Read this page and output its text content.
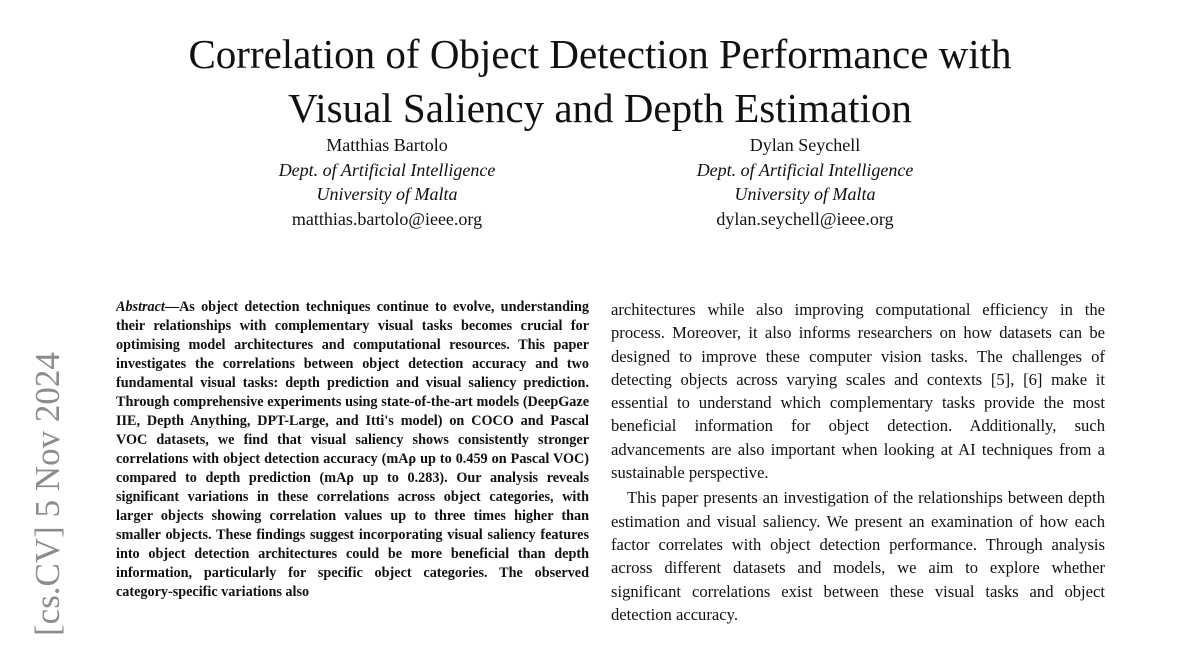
Correlation of Object Detection Performance with
Visual Saliency and Depth Estimation
Matthias Bartolo
Dept. of Artificial Intelligence
University of Malta
matthias.bartolo@ieee.org
Dylan Seychell
Dept. of Artificial Intelligence
University of Malta
dylan.seychell@ieee.org
[cs.CV] 5 Nov 2024
Abstract—As object detection techniques continue to evolve, understanding their relationships with complementary visual tasks becomes crucial for optimising model architectures and computational resources. This paper investigates the correlations between object detection accuracy and two fundamental visual tasks: depth prediction and visual saliency prediction. Through comprehensive experiments using state-of-the-art models (DeepGaze IIE, Depth Anything, DPT-Large, and Itti's model) on COCO and Pascal VOC datasets, we find that visual saliency shows consistently stronger correlations with object detection accuracy (mAρ up to 0.459 on Pascal VOC) compared to depth prediction (mAρ up to 0.283). Our analysis reveals significant variations in these correlations across object categories, with larger objects showing correlation values up to three times higher than smaller objects. These findings suggest incorporating visual saliency features into object detection architectures could be more beneficial than depth information, particularly for specific object categories. The observed category-specific variations also

architectures while also improving computational efficiency in the process. Moreover, it also informs researchers on how datasets can be designed to improve these computer vision tasks. The challenges of detecting objects across varying scales and contexts [5], [6] make it essential to understand which complementary tasks provide the most beneficial information for object detection. Additionally, such advancements are also important when looking at AI techniques from a sustainable perspective.

This paper presents an investigation of the relationships between depth estimation and visual saliency. We present an examination of how each factor correlates with object detection performance. Through analysis across different datasets and models, we aim to explore whether significant correlations exist between these visual tasks and object detection accuracy.
